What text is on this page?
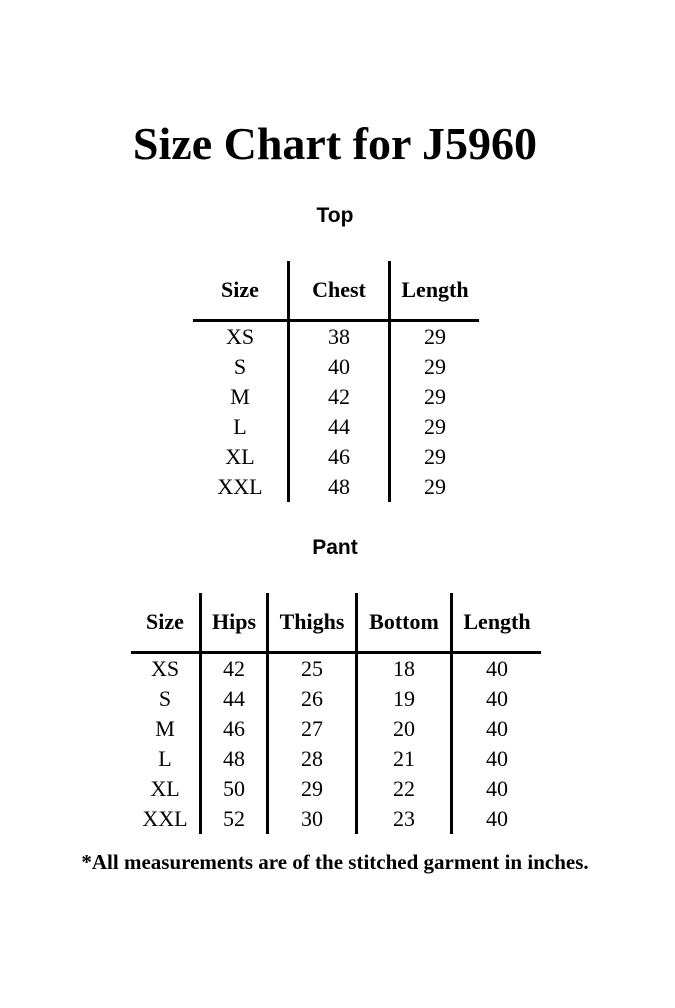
Size Chart for J5960
Top
Size	Chest	Length
XS	38	29
S	40	29
M	42	29
L	44	29
XL	46	29
XXL	48	29
Pant
Size	Hips	Thighs	Bottom	Length
XS	42	25	18	40
S	44	26	19	40
M	46	27	20	40
L	48	28	21	40
XL	50	29	22	40
XXL	52	30	23	40

*All measurements are of the stitched garment in inches.
